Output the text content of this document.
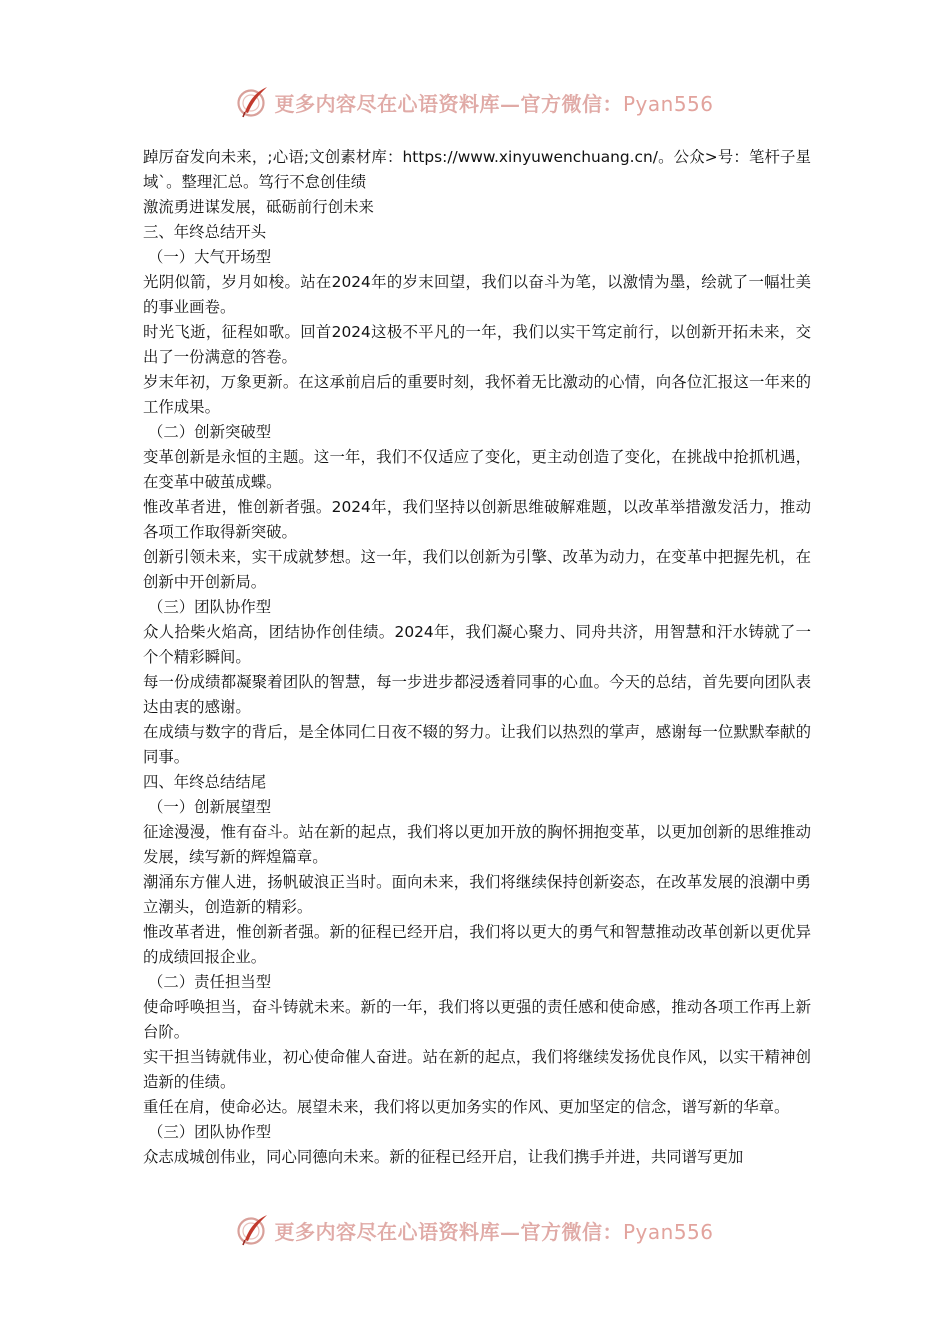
更多内容尽在心语资料库—官方微信：Pyan556

踔厉奋发向未来，;心语;文创素材库：https://www.xinyuwenchuang.cn/。公众>号：笔杆子星域`。整理汇总。笃行不怠创佳绩

激流勇进谋发展，砥砺前行创未来

三、年终总结开头

（一）大气开场型

光阴似箭，岁月如梭。站在2024年的岁末回望，我们以奋斗为笔，以激情为墨，绘就了一幅壮美的事业画卷。

时光飞逝，征程如歌。回首2024这极不平凡的一年，我们以实干笃定前行，以创新开拓未来，交出了一份满意的答卷。

岁末年初，万象更新。在这承前启后的重要时刻，我怀着无比激动的心情，向各位汇报这一年来的工作成果。

（二）创新突破型

变革创新是永恒的主题。这一年，我们不仅适应了变化，更主动创造了变化，在挑战中抢抓机遇，在变革中破茧成蝶。

惟改革者进，惟创新者强。2024年，我们坚持以创新思维破解难题，以改革举措激发活力，推动各项工作取得新突破。

创新引领未来，实干成就梦想。这一年，我们以创新为引擎、改革为动力，在变革中把握先机，在创新中开创新局。

（三）团队协作型

众人拾柴火焰高，团结协作创佳绩。2024年，我们凝心聚力、同舟共济，用智慧和汗水铸就了一个个精彩瞬间。

每一份成绩都凝聚着团队的智慧，每一步进步都浸透着同事的心血。今天的总结，首先要向团队表达由衷的感谢。

在成绩与数字的背后，是全体同仁日夜不辍的努力。让我们以热烈的掌声，感谢每一位默默奉献的同事。

四、年终总结结尾

（一）创新展望型

征途漫漫，惟有奋斗。站在新的起点，我们将以更加开放的胸怀拥抱变革，以更加创新的思维推动发展，续写新的辉煌篇章。

潮涌东方催人进，扬帆破浪正当时。面向未来，我们将继续保持创新姿态，在改革发展的浪潮中勇立潮头，创造新的精彩。

惟改革者进，惟创新者强。新的征程已经开启，我们将以更大的勇气和智慧推动改革创新以更优异的成绩回报企业。

（二）责任担当型

使命呼唤担当，奋斗铸就未来。新的一年，我们将以更强的责任感和使命感，推动各项工作再上新台阶。

实干担当铸就伟业，初心使命催人奋进。站在新的起点，我们将继续发扬优良作风，以实干精神创造新的佳绩。

重任在肩，使命必达。展望未来，我们将以更加务实的作风、更加坚定的信念，谱写新的华章。

（三）团队协作型

众志成城创伟业，同心同德向未来。新的征程已经开启，让我们携手并进，共同谱写更加

更多内容尽在心语资料库—官方微信：Pyan556
